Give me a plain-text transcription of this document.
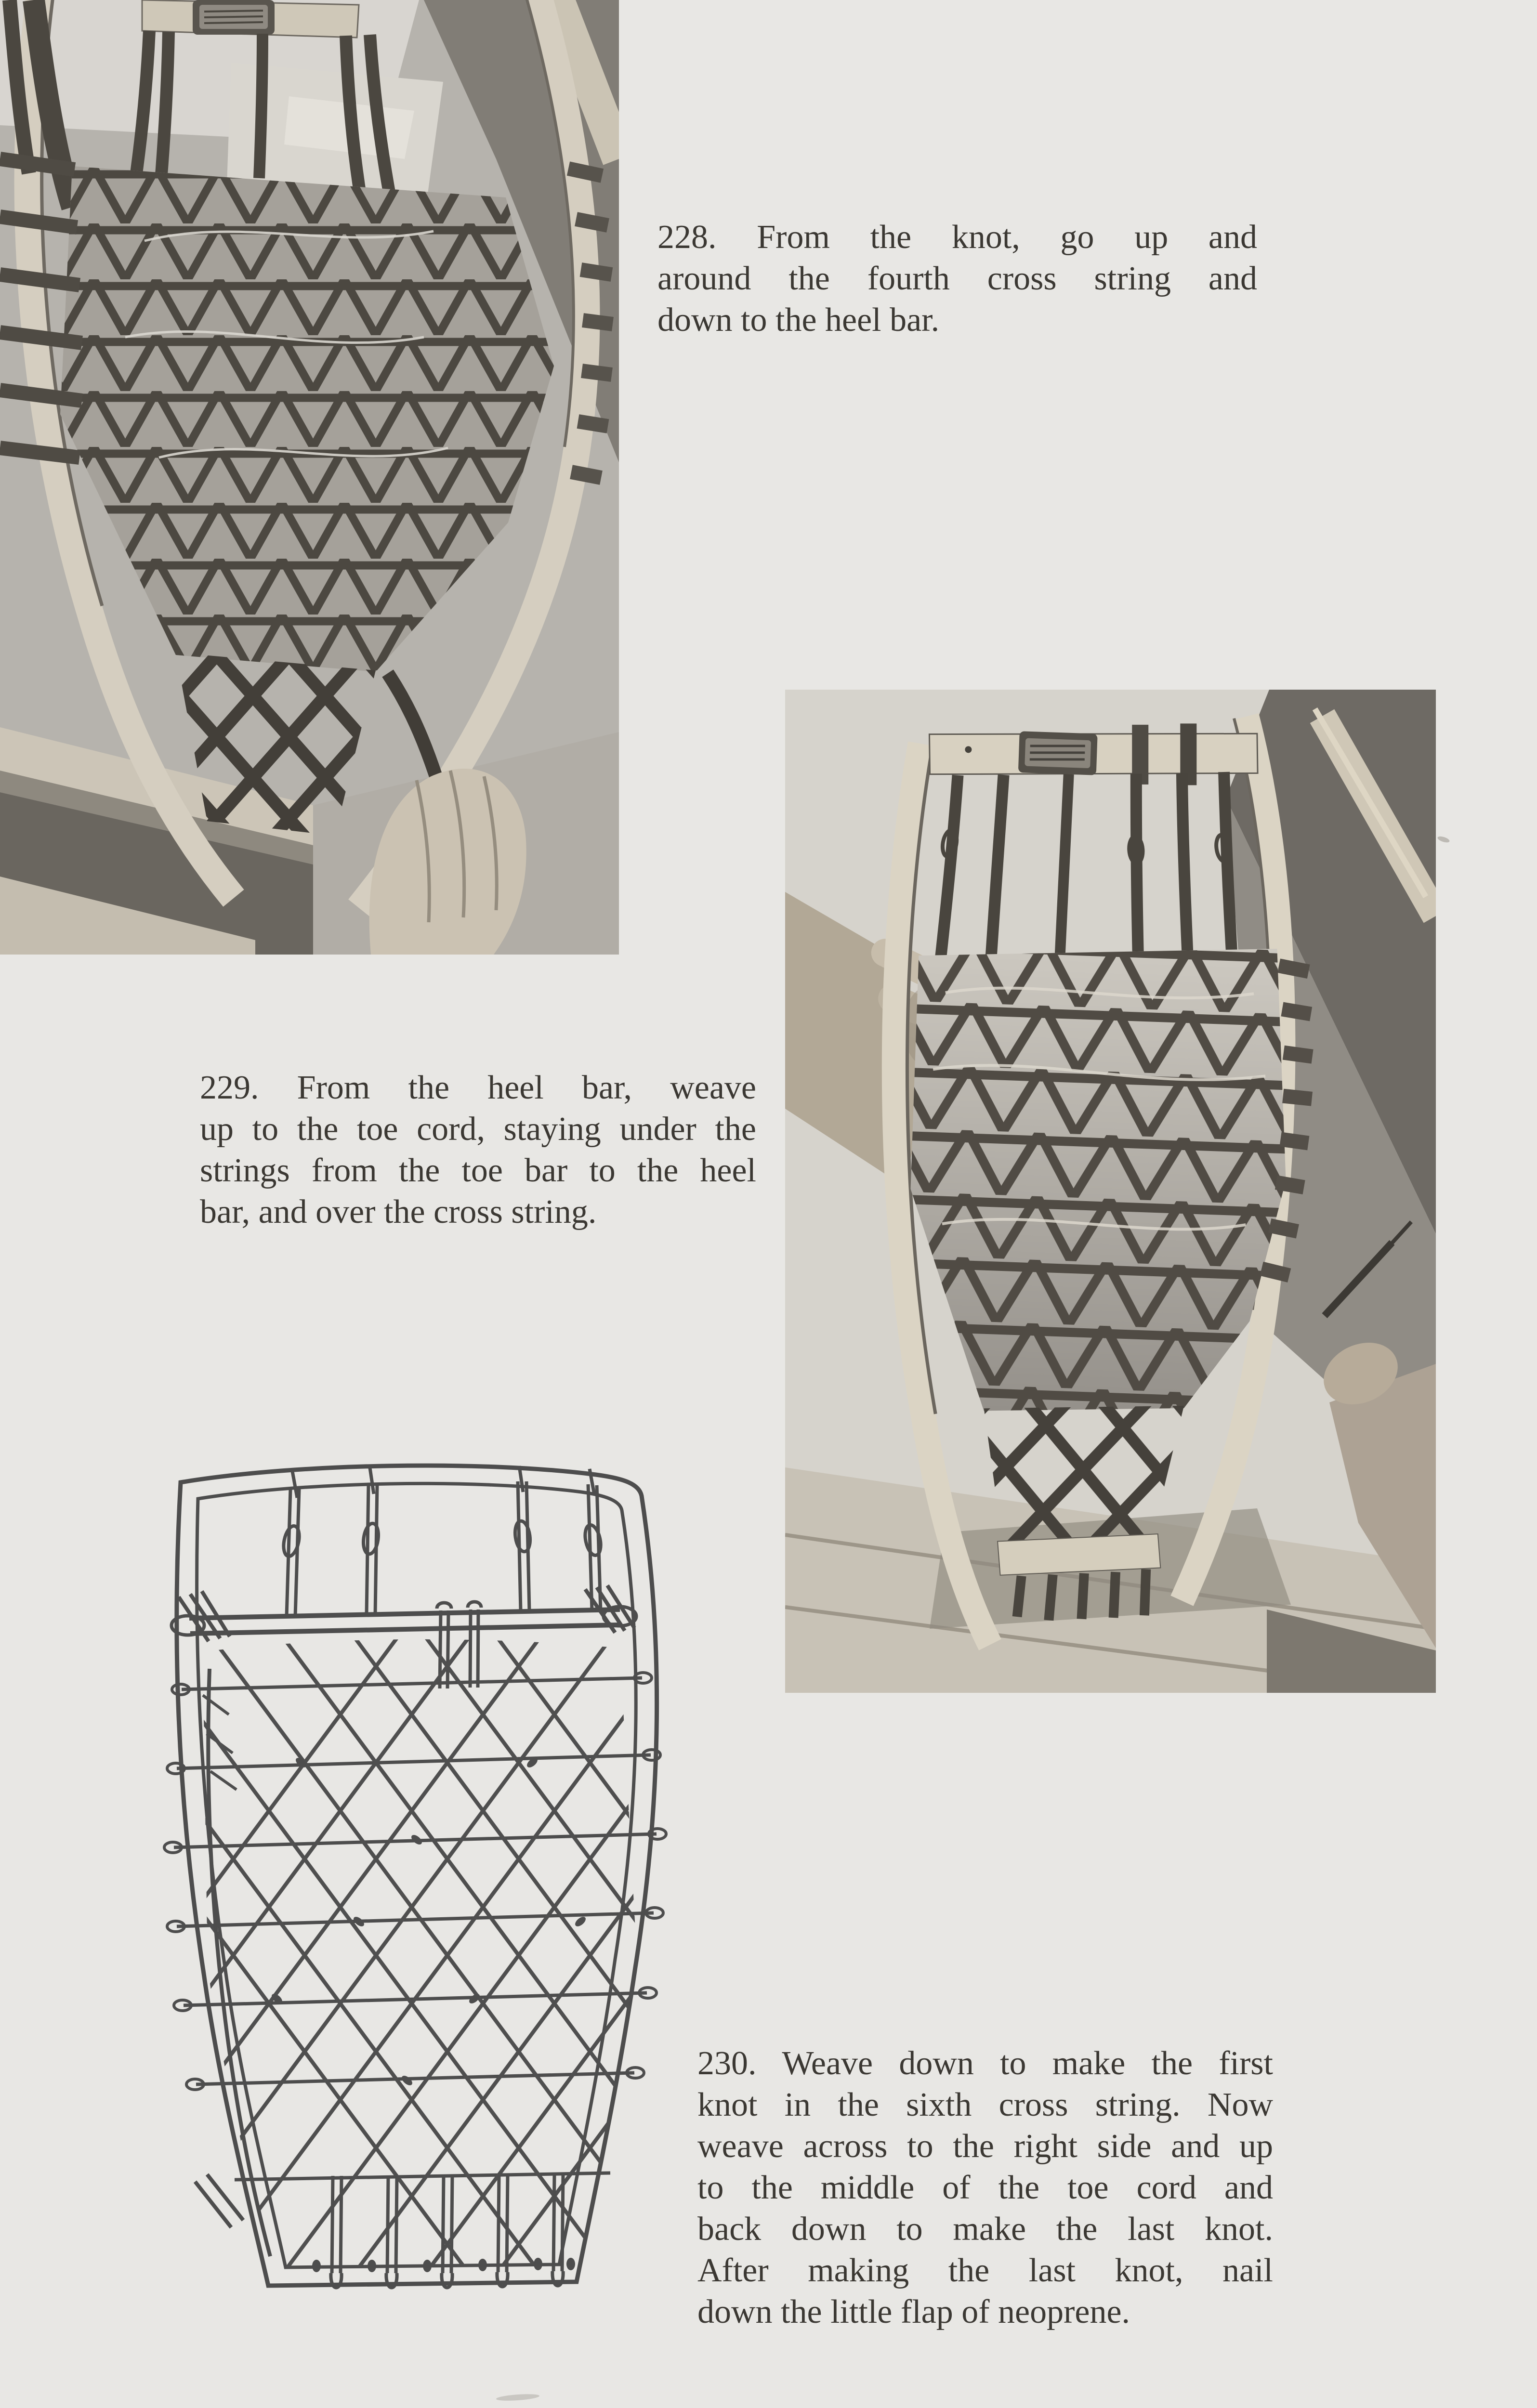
228. From the knot, go up and
around the fourth cross string and
down to the heel bar.
229. From the heel bar, weave
up to the toe cord, staying under the
strings from the toe bar to the heel
bar, and over the cross string.
230. Weave down to make the first
knot in the sixth cross string. Now
weave across to the right side and up
to the middle of the toe cord and
back down to make the last knot.
After making the last knot, nail
down the little flap of neoprene.
